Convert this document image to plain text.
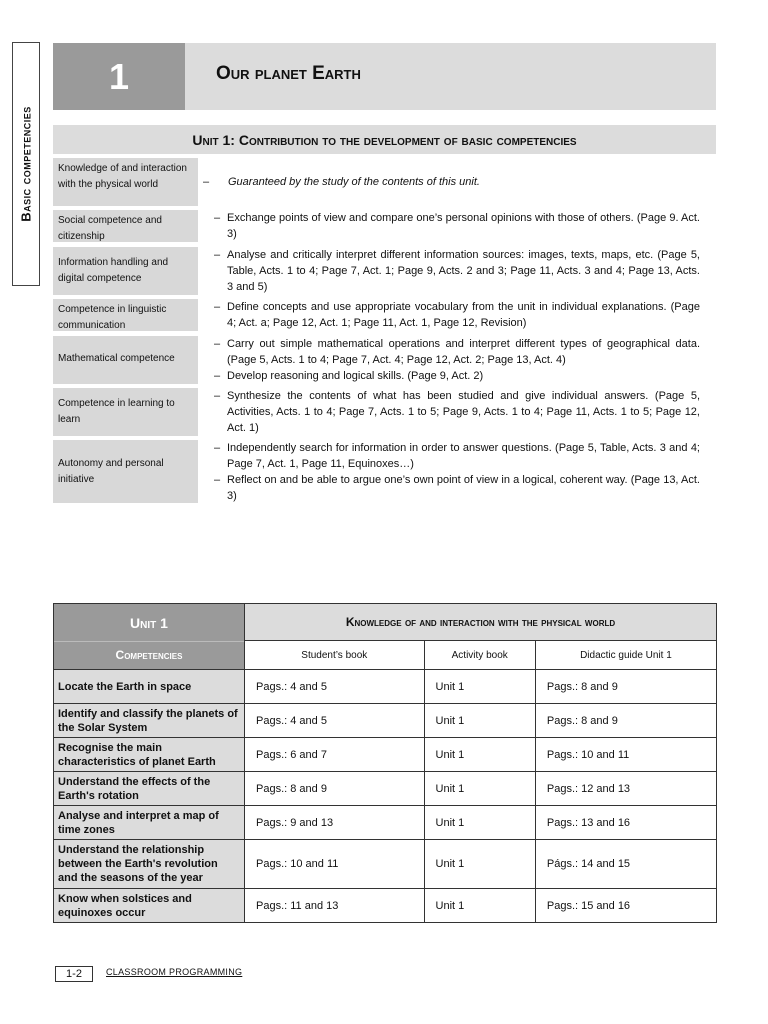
Basic competencies
1	Our planet Earth
Unit 1: Contribution to the development of basic competencies
Knowledge of and interaction with the physical world	– Guaranteed by the study of the contents of this unit.
Social competence and citizenship
– Exchange points of view and compare one’s personal opinions with those of others. (Page 9. Act. 3)
Information handling and digital competence
– Analyse and critically interpret different information sources: images, texts, maps, etc. (Page 5, Table, Acts. 1 to 4; Page 7, Act. 1; Page 9, Acts. 2 and 3; Page 11, Acts. 3 and 4; Page 13, Acts. 3 and 5)
Competence in linguistic communication
– Define concepts and use appropriate vocabulary from the unit in individual explanations. (Page 4; Act. a; Page 12, Act. 1; Page 11, Act. 1, Page 12, Revision)
Mathematical competence
– Carry out simple mathematical operations and interpret different types of geographical data. (Page 5, Acts. 1 to 4; Page 7, Act. 4; Page 12, Act. 2; Page 13, Act. 4)
– Develop reasoning and logical skills. (Page 9, Act. 2)
Competence in learning to learn
– Synthesize the contents of what has been studied and give individual answers. (Page 5, Activities, Acts. 1 to 4; Page 7, Acts. 1 to 5; Page 9, Acts. 1 to 4; Page 11, Acts. 1 to 5; Page 12, Act. 1)
Autonomy and personal initiative
– Independently search for information in order to answer questions. (Page 5, Table, Acts. 3 and 4; Page 7, Act. 1, Page 11, Equinoxes…)
– Reflect on and be able to argue one’s own point of view in a logical, coherent way. (Page 13, Act. 3)
Unit 1
Competencies	Knowledge of and interaction with the physical world		
	Student’s book	Activity book	Didactic guide Unit 1
Locate the Earth in space	Pags.: 4 and 5	Unit 1	Pags.: 8 and 9
Identify and classify the planets of the Solar System	Pags.: 4 and 5	Unit 1	Pags.: 8 and 9
Recognise the main characteristics of planet Earth	Pags.: 6 and 7	Unit 1	Pags.: 10 and 11
Understand the effects of the Earth's rotation	Pags.: 8 and 9	Unit 1	Pags.: 12 and 13
Analyse and interpret a map of time zones	Pags.: 9 and 13	Unit 1	Pags.: 13 and 16
Understand the relationship between the Earth's revolution and the seasons of the year	Pags.: 10 and 11	Unit 1	Págs.: 14 and 15
Know when solstices and equinoxes occur	Pags.: 11 and 13	Unit 1	Pags.: 15 and 16
1-2	CLASSROOM PROGRAMMING
